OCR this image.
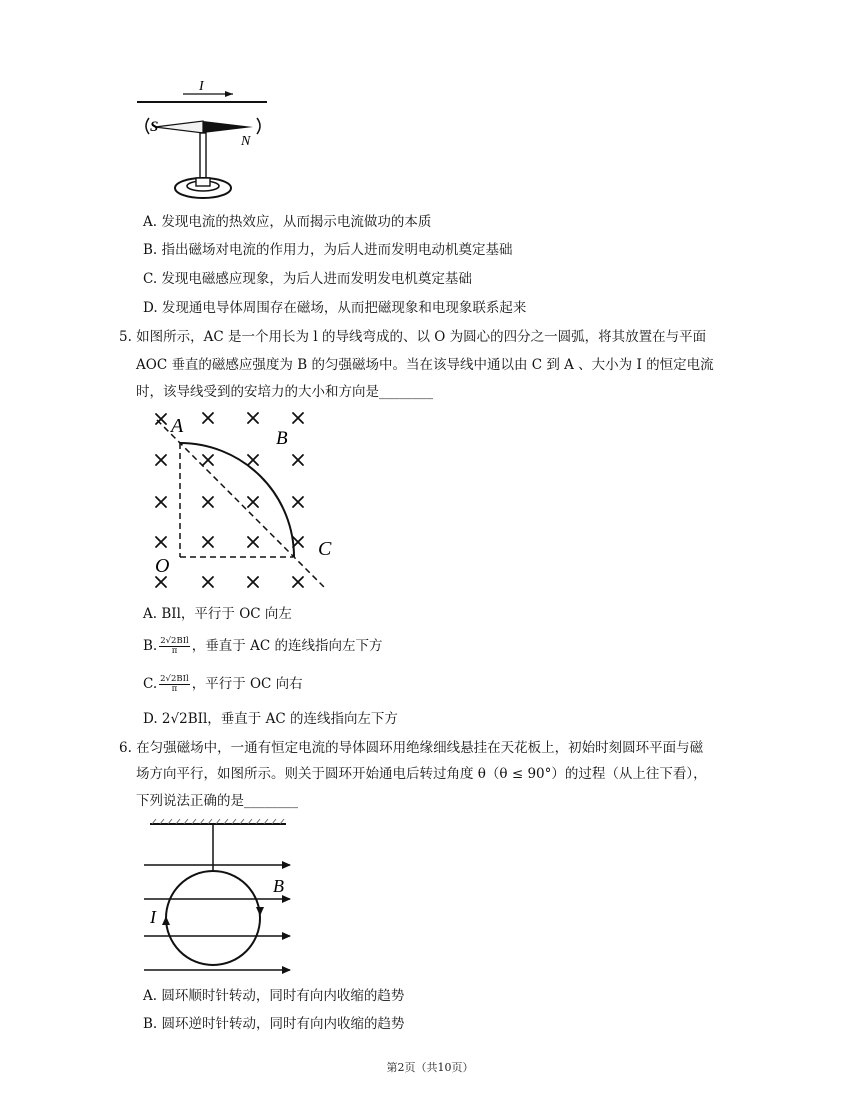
I
S
N
A. 发现电流的热效应，从而揭示电流做功的本质
B. 指出磁场对电流的作用力，为后人进而发明电动机奠定基础
C. 发现电磁感应现象，为后人进而发明发电机奠定基础
D. 发现通电导体周围存在磁场，从而把磁现象和电现象联系起来
5. 如图所示，AC 是一个用长为 l 的导线弯成的、以 O 为圆心的四分之一圆弧，将其放置在与平面
AOC 垂直的磁感应强度为 B 的匀强磁场中。当在该导线中通以由 C 到 A 、大小为 I 的恒定电流
时，该导线受到的安培力的大小和方向是________
A
B
C
O
A. BIl，平行于 OC 向左
B. $\frac{\text{2√2BIl}}{\pi}$ ，垂直于 AC 的连线指向左下方
C. $\frac{\text{2√2BIl}}{\pi}$ ，平行于 OC 向右
D. 2√2BIl，垂直于 AC 的连线指向左下方
6. 在匀强磁场中，一通有恒定电流的导体圆环用绝缘细线悬挂在天花板上，初始时刻圆环平面与磁
场方向平行，如图所示。则关于圆环开始通电后转过角度 θ（θ ≤ 90°）的过程（从上往下看），
下列说法正确的是________
B
I
A. 圆环顺时针转动，同时有向内收缩的趋势
B. 圆环逆时针转动，同时有向内收缩的趋势
第2页（共10页）
